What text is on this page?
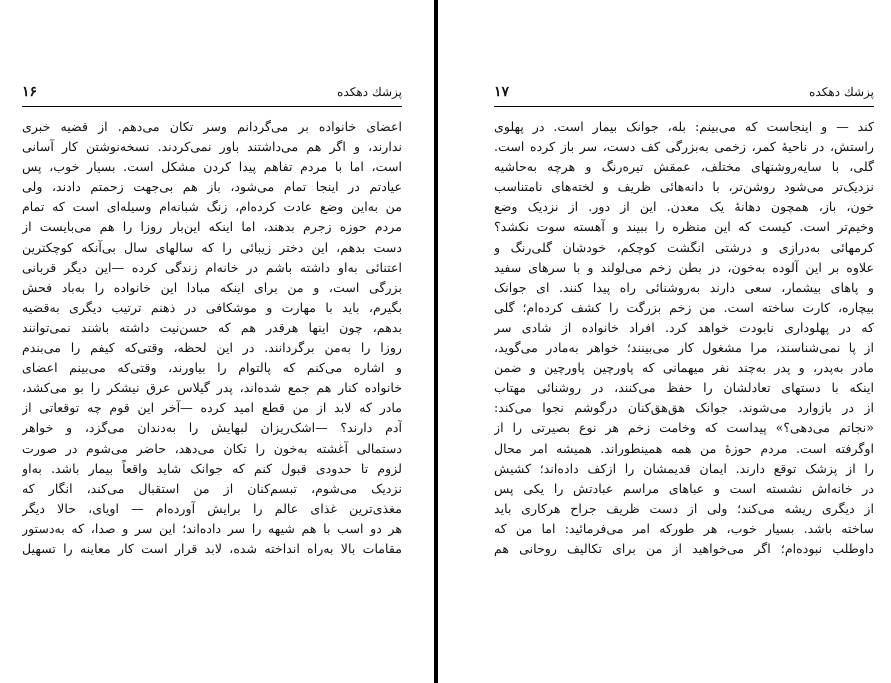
پزشك دهكده
۱۶
اعضای خانواده بر می‌گردانم وسر تکان می‌دهم. از قضیه خبری
ندارند، و اگر هم می‌داشتند باور نمی‌کردند. نسخه‌نوشتن کار آسانی
است، اما با مردم تفاهم پیدا کردن مشکل است. بسیار خوب، پس
عیادتم در اینجا تمام می‌شود، باز هم بی‌جهت زحمتم دادند، ولی
من به‌این وضع عادت کرده‌ام، زنگ شبانه‌ام وسیله‌ای است که تمام
مردم حوزه زجرم بدهند، اما اینکه این‌بار روزا را هم می‌بایست از
دست بدهم، این دختر زیبائی را که سالهای سال بی‌آنکه کوچکترین
اعتنائی به‌او داشته باشم در خانه‌ام زندگی کرده —این دیگر قربانی
بزرگی است، و من برای اینکه مبادا این خانواده را به‌باد فحش
بگیرم، باید با مهارت و موشکافی در ذهنم ترتیب دیگری به‌قضیه
بدهم، چون اینها هرقدر هم که حسن‌نیت داشته باشند نمی‌توانند
روزا را به‌من برگردانند. در این لحظه، وقتی‌که کیفم را می‌بندم
و اشاره می‌کنم که پالتوام را بیاورند، وقتی‌که می‌بینم اعضای
خانواده کنار هم جمع شده‌اند، پدر گیلاس عرق نیشکر را بو می‌کشد،
مادر که لابد از من قطع امید کرده —آخر این قوم چه توقعاتی از
آدم دارند؟ —اشک‌ریزان لبهایش را به‌دندان می‌گزد، و خواهر
دستمالی آغشته به‌خون را تکان می‌دهد، حاضر می‌شوم در صورت
لزوم تا حدودی قبول کنم که جوانک شاید واقعاً بیمار باشد. به‌او
نزدیک می‌شوم، تبسم‌کنان از من استقبال می‌کند، انگار که
مغذی‌ترین غذای عالم را برایش آورده‌ام — اویای، حالا دیگر
هر دو اسب با هم شیهه را سر داده‌اند؛ این سر و صدا، که به‌دستور
مقامات بالا به‌راه انداخته شده، لابد قرار است کار معاینه را تسهیل
پزشك دهكده
۱۷
کند — و اینجاست که می‌بینم: بله، جوانک بیمار است. در پهلوی
راستش، در ناحیهٔ کمر، زخمی به‌بزرگی کف دست، سر باز کرده است.
گلی، با سایه‌روشنهای مختلف، عمقش تیره‌رنگ و هرچه به‌حاشیه
نزدیک‌تر می‌شود روشن‌تر، با دانه‌هائی ظریف و لخته‌های نامتناسب
خون، باز، همچون دهانهٔ یک معدن. این از دور. از نزدیک وضع
وخیم‌تر است. کیست که این منظره را ببیند و آهسته سوت نکشد؟
کرمهائی به‌درازی و درشتی انگشت کوچکم، خودشان گلی‌رنگ و
علاوه بر این آلوده به‌خون، در بطن زخم می‌لولند و با سرهای سفید
و پاهای بیشمار، سعی دارند به‌روشنائی راه پیدا کنند. ای جوانک
بیچاره، کارت ساخته است. من زخم بزرگت را کشف کرده‌ام؛ گلی
که در پهلوداری نابودت خواهد کرد. افراد خانواده از شادی سر
از پا نمی‌شناسند، مرا مشغول کار می‌بینند؛ خواهر به‌مادر می‌گوید،
مادر به‌پدر، و پدر به‌چند نفر میهمانی که پاورچین پاورچین و ضمن
اینکه با دستهای تعادلشان را حفظ می‌کنند، در روشنائی مهتاب
از در بازوارد می‌شوند. جوانک هق‌هق‌کنان درگوشم نجوا می‌کند:
«نجاتم می‌دهی؟» پیداست که وخامت زخم هر نوع بصیرتی را از
اوگرفته است. مردم حوزهٔ من همه همینطوراند. همیشه امر محال
را از پزشک توقع دارند. ایمان قدیمشان را ازکف داده‌اند؛ کشیش
در خانه‌اش نشسته است و عباهای مراسم عبادتش را یکی پس
از دیگری ریشه می‌کند؛ ولی از دست ظریف جراح هرکاری باید
ساخته باشد. بسیار خوب، هر طورکه امر می‌فرمائید: اما من که
داوطلب نبوده‌ام؛ اگر می‌خواهید از من برای تکالیف روحانی هم
